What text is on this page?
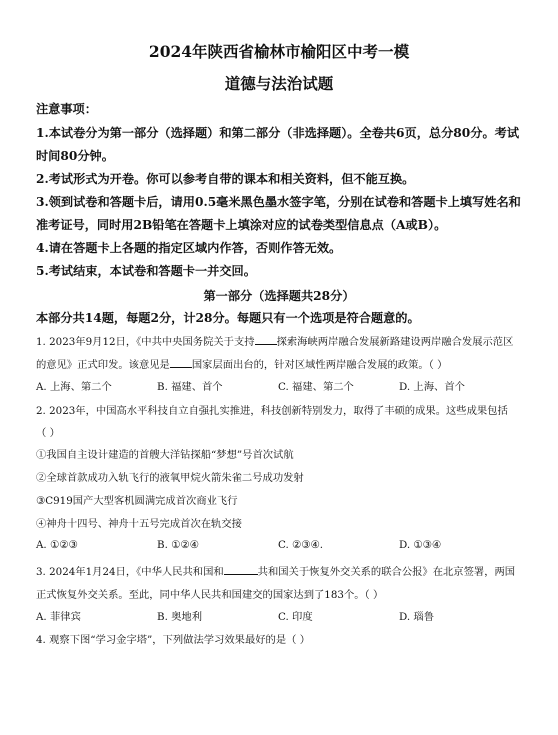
2024年陕西省榆林市榆阳区中考一模
道德与法治试题
注意事项：
1.本试卷分为第一部分（选择题）和第二部分（非选择题）。全卷共6页，总分80分。考试
时间80分钟。
2.考试形式为开卷。你可以参考自带的课本和相关资料，但不能互换。
3.领到试卷和答题卡后，请用0.5毫米黑色墨水签字笔，分别在试卷和答题卡上填写姓名和
准考证号，同时用2B铅笔在答题卡上填涂对应的试卷类型信息点（A或B）。
4.请在答题卡上各题的指定区域内作答，否则作答无效。
5.考试结束，本试卷和答题卡一并交回。
第一部分（选择题共28分）
本部分共14题，每题2分，计28分。每题只有一个选项是符合题意的。
1. 2023年9月12日，《中共中央国务院关于支持 探索海峡两岸融合发展新路建设两岸融合发展示范区
的意见》正式印发。该意见是 国家层面出台的，针对区域性两岸融合发展的政策。（ ）
A. 上海、第二个	B. 福建、首个	C. 福建、第二个	D. 上海、首个
2. 2023年，中国高水平科技自立自强扎实推进，科技创新特别发力，取得了丰硕的成果。这些成果包括
（ ）
①我国自主设计建造的首艘大洋钻探船“梦想”号首次试航
②全球首款成功入轨飞行的液氧甲烷火箭朱雀二号成功发射
③C919国产大型客机圆满完成首次商业飞行
④神舟十四号、神舟十五号完成首次在轨交接
A. ①②③	B. ①②④	C. ②③④.	D. ①③④
3. 2024年1月24日，《中华人民共和国和	共和国关于恢复外交关系的联合公报》在北京签署，两国
正式恢复外交关系。至此，同中华人民共和国建交的国家达到了183个。（ ）
A. 菲律宾	B. 奥地利	C. 印度	D. 瑙鲁
4. 观察下图“学习金字塔”，下列做法学习效果最好的是（ ）
